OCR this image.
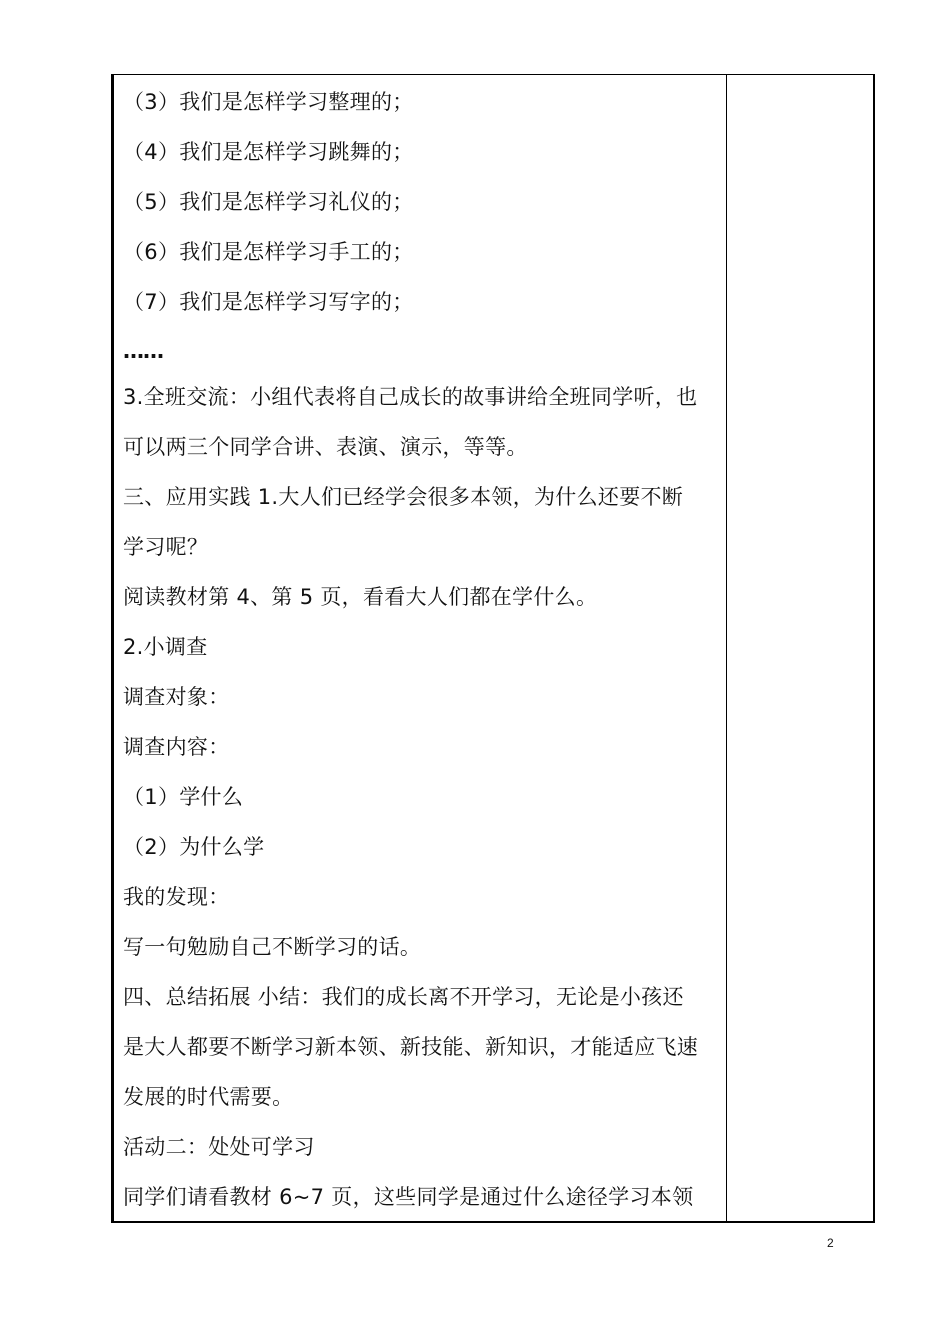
（3）我们是怎样学习整理的；
（4）我们是怎样学习跳舞的；
（5）我们是怎样学习礼仪的；
（6）我们是怎样学习手工的；
（7）我们是怎样学习写字的；
……
3.全班交流：小组代表将自己成长的故事讲给全班同学听，也
可以两三个同学合讲、表演、演示，等等。
三、应用实践 1.大人们已经学会很多本领，为什么还要不断
学习呢？
阅读教材第 4、第 5 页，看看大人们都在学什么。
2.小调查
调查对象：
调查内容：
（1）学什么
（2）为什么学
我的发现：
写一句勉励自己不断学习的话。
四、总结拓展 小结：我们的成长离不开学习，无论是小孩还
是大人都要不断学习新本领、新技能、新知识，才能适应飞速
发展的时代需要。
活动二：处处可学习
同学们请看教材 6~7 页，这些同学是通过什么途径学习本领
2
